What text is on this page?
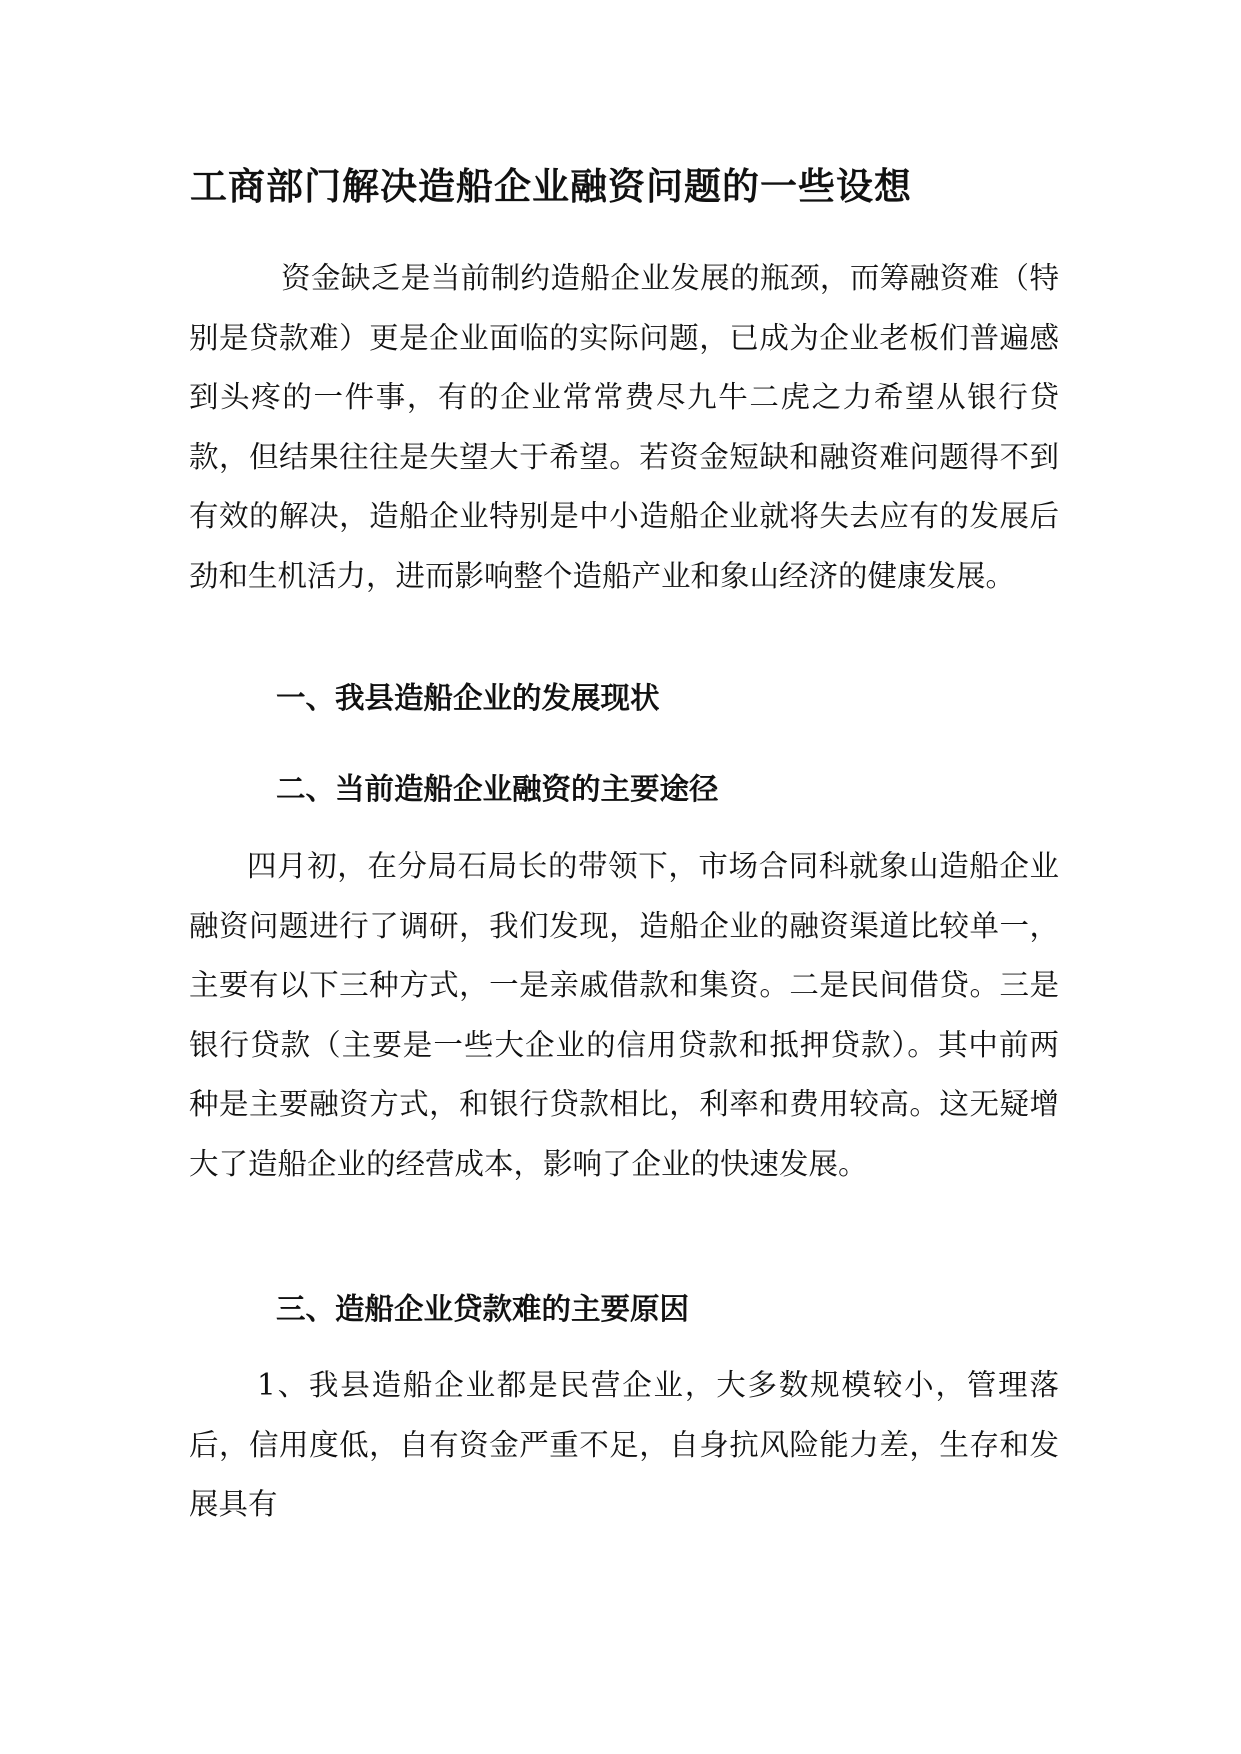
工商部门解决造船企业融资问题的一些设想

资金缺乏是当前制约造船企业发展的瓶颈，而筹融资难（特别是贷款难）更是企业面临的实际问题，已成为企业老板们普遍感到头疼的一件事，有的企业常常费尽九牛二虎之力希望从银行贷款，但结果往往是失望大于希望。若资金短缺和融资难问题得不到有效的解决，造船企业特别是中小造船企业就将失去应有的发展后劲和生机活力，进而影响整个造船产业和象山经济的健康发展。

一、我县造船企业的发展现状
二、当前造船企业融资的主要途径

四月初，在分局石局长的带领下，市场合同科就象山造船企业融资问题进行了调研，我们发现，造船企业的融资渠道比较单一，主要有以下三种方式，一是亲戚借款和集资。二是民间借贷。三是银行贷款（主要是一些大企业的信用贷款和抵押贷款）。其中前两种是主要融资方式，和银行贷款相比，利率和费用较高。这无疑增大了造船企业的经营成本，影响了企业的快速发展。

三、造船企业贷款难的主要原因

1、我县造船企业都是民营企业，大多数规模较小，管理落后，信用度低，自有资金严重不足，自身抗风险能力差，生存和发展具有
